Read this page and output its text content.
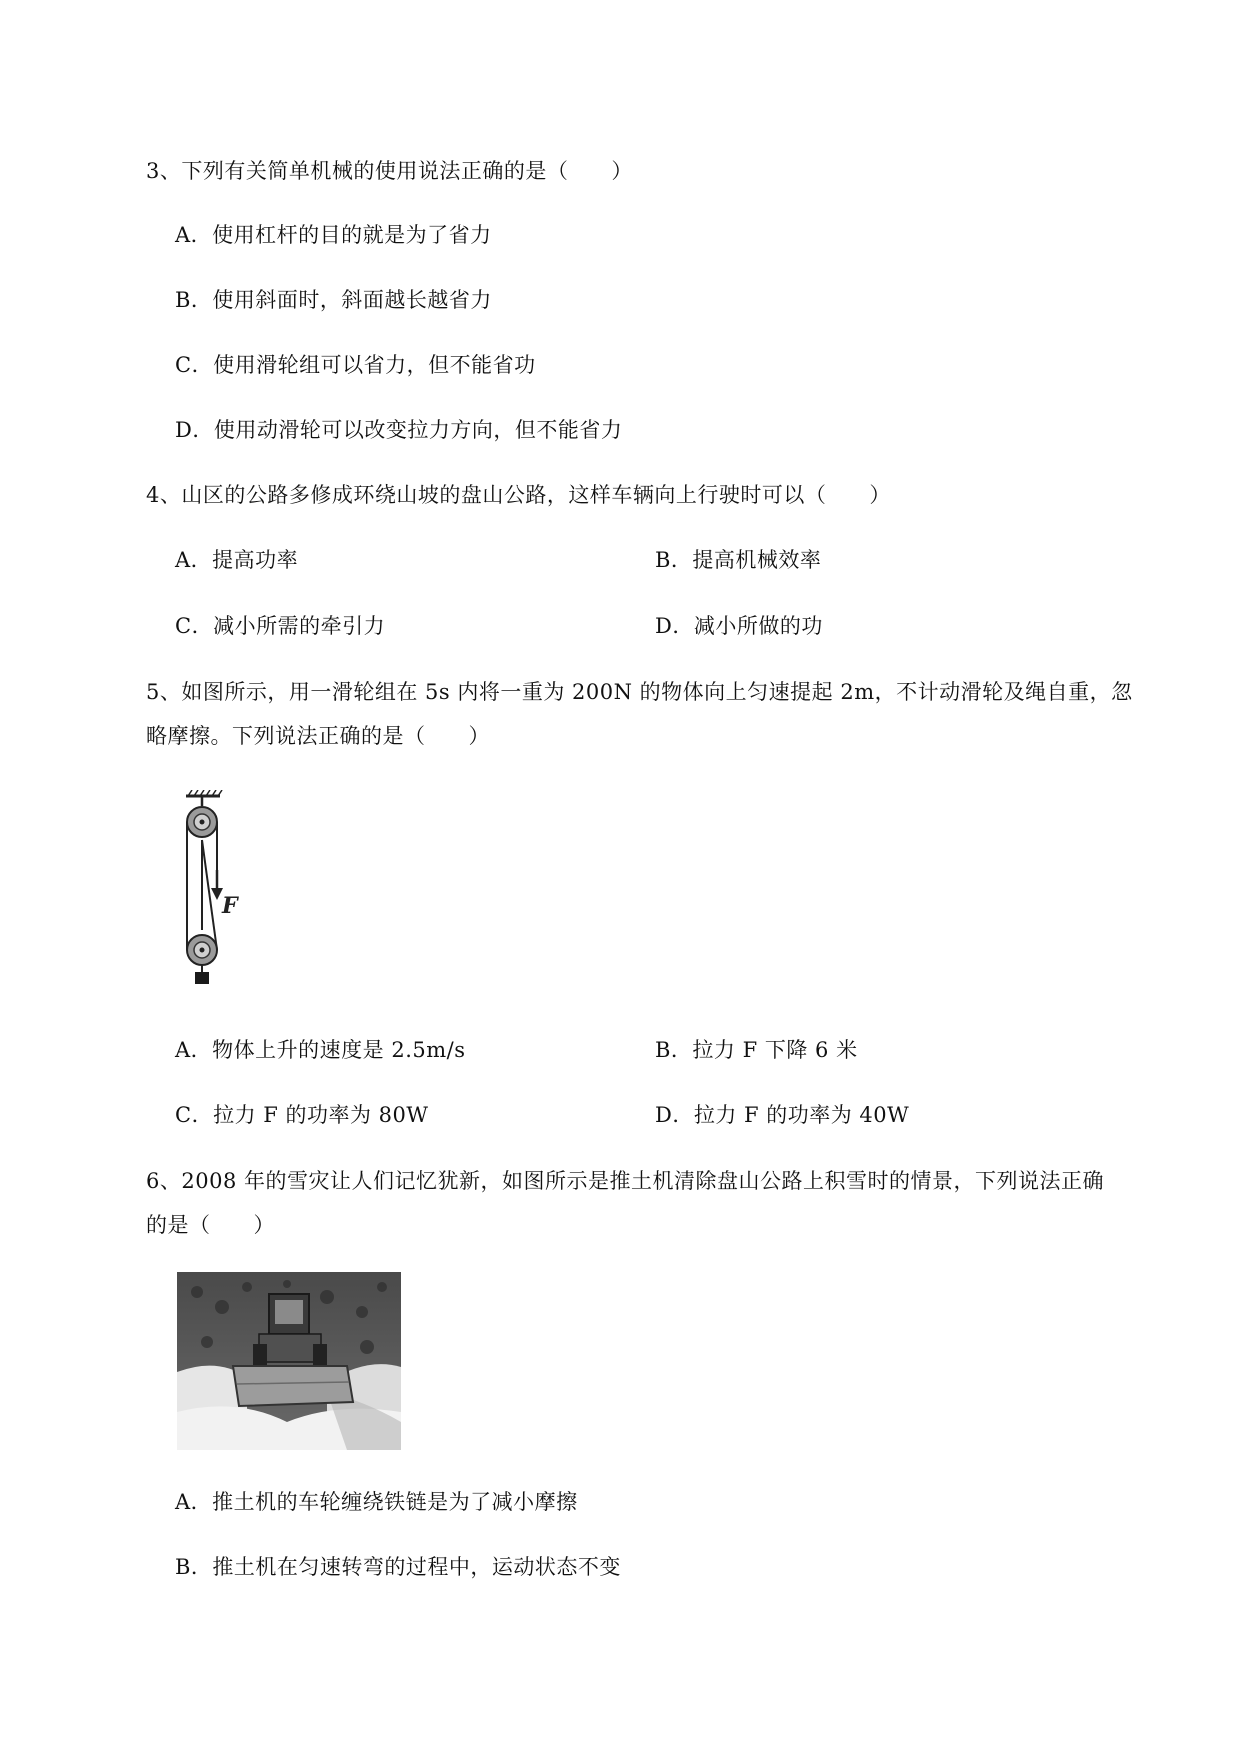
3、下列有关简单机械的使用说法正确的是（　　）
A．使用杠杆的目的就是为了省力
B．使用斜面时，斜面越长越省力
C．使用滑轮组可以省力，但不能省功
D．使用动滑轮可以改变拉力方向，但不能省力
4、山区的公路多修成环绕山坡的盘山公路，这样车辆向上行驶时可以（　　）
A．提高功率	B．提高机械效率
C．减小所需的牵引力	D．减小所做的功
5、如图所示，用一滑轮组在 5s 内将一重为 200N 的物体向上匀速提起 2m，不计动滑轮及绳自重，忽
略摩擦。下列说法正确的是（　　）
F
A．物体上升的速度是 2.5m/s	B．拉力 F 下降 6 米
C．拉力 F 的功率为 80W	D．拉力 F 的功率为 40W
6、2008 年的雪灾让人们记忆犹新，如图所示是推土机清除盘山公路上积雪时的情景，下列说法正确
的是（　　）
A．推土机的车轮缠绕铁链是为了减小摩擦
B．推土机在匀速转弯的过程中，运动状态不变
